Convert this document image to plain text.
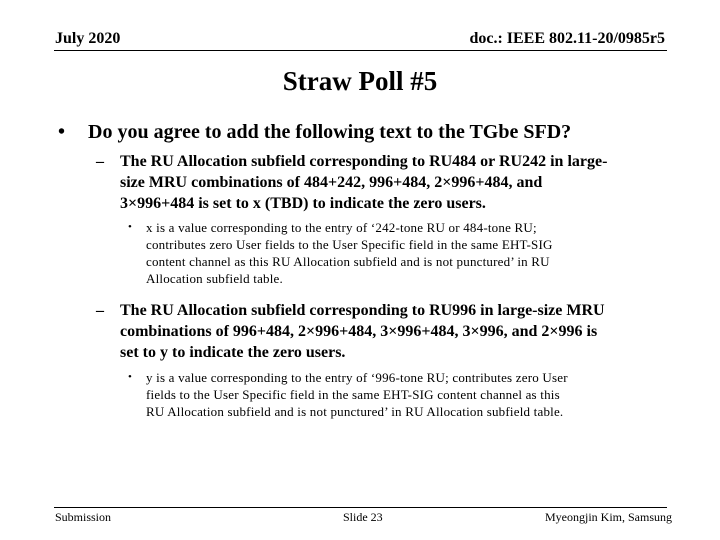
July 2020	doc.: IEEE 802.11-20/0985r5
Straw Poll #5
• Do you agree to add the following text to the TGbe SFD?
– The RU Allocation subfield corresponding to RU484 or RU242 in large-
size MRU combinations of 484+242, 996+484, 2×996+484, and
3×996+484 is set to x (TBD) to indicate the zero users.
• x is a value corresponding to the entry of ‘242-tone RU or 484-tone RU;
contributes zero User fields to the User Specific field in the same EHT-SIG
content channel as this RU Allocation subfield and is not punctured’ in RU
Allocation subfield table.
– The RU Allocation subfield corresponding to RU996 in large-size MRU
combinations of 996+484, 2×996+484, 3×996+484, 3×996, and 2×996 is
set to y to indicate the zero users.
• y is a value corresponding to the entry of ‘996-tone RU; contributes zero User
fields to the User Specific field in the same EHT-SIG content channel as this
RU Allocation subfield and is not punctured’ in RU Allocation subfield table.
Submission	Slide 23	Myeongjin Kim, Samsung
